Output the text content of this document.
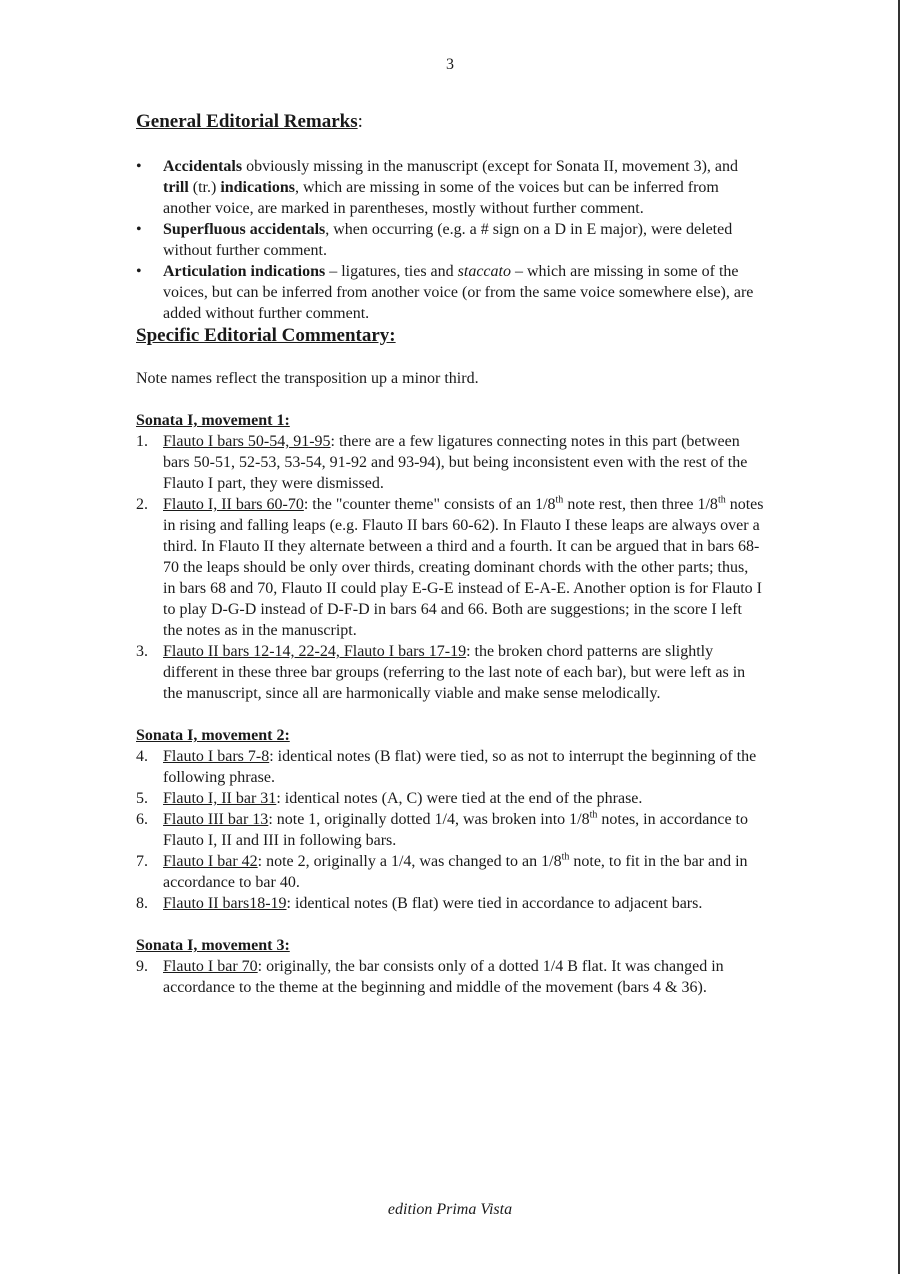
3
General Editorial Remarks :
• Accidentals obviously missing in the manuscript (except for Sonata II, movement 3), and trill (tr.) indications, which are missing in some of the voices but can be inferred from another voice, are marked in parentheses, mostly without further comment.
• Superfluous accidentals, when occurring (e.g. a # sign on a D in E major), were deleted without further comment.
• Articulation indications – ligatures, ties and staccato – which are missing in some of the voices, but can be inferred from another voice (or from the same voice somewhere else), are added without further comment.
Specific Editorial Commentary:

Note names reflect the transposition up a minor third.

Sonata I, movement 1:
1. Flauto I bars 50-54, 91-95: there are a few ligatures connecting notes in this part (between bars 50-51, 52-53, 53-54, 91-92 and 93-94), but being inconsistent even with the rest of the Flauto I part, they were dismissed.
2. Flauto I, II bars 60-70: the "counter theme" consists of an 1/8th note rest, then three 1/8th notes in rising and falling leaps (e.g. Flauto II bars 60-62). In Flauto I these leaps are always over a third. In Flauto II they alternate between a third and a fourth. It can be argued that in bars 68-70 the leaps should be only over thirds, creating dominant chords with the other parts; thus, in bars 68 and 70, Flauto II could play E-G-E instead of E-A-E. Another option is for Flauto I to play D-G-D instead of D-F-D in bars 64 and 66. Both are suggestions; in the score I left the notes as in the manuscript.
3. Flauto II bars 12-14, 22-24, Flauto I bars 17-19: the broken chord patterns are slightly different in these three bar groups (referring to the last note of each bar), but were left as in the manuscript, since all are harmonically viable and make sense melodically.
Sonata I, movement 2:
4. Flauto I bars 7-8: identical notes (B flat) were tied, so as not to interrupt the beginning of the following phrase.
5. Flauto I, II bar 31: identical notes (A, C) were tied at the end of the phrase.
6. Flauto III bar 13: note 1, originally dotted 1/4, was broken into 1/8th notes, in accordance to Flauto I, II and III in following bars.
7. Flauto I bar 42: note 2, originally a 1/4, was changed to an 1/8th note, to fit in the bar and in accordance to bar 40.
8. Flauto II bars18-19: identical notes (B flat) were tied in accordance to adjacent bars.
Sonata I, movement 3:
9. Flauto I bar 70: originally, the bar consists only of a dotted 1/4 B flat. It was changed in accordance to the theme at the beginning and middle of the movement (bars 4 & 36).
edition Prima Vista
